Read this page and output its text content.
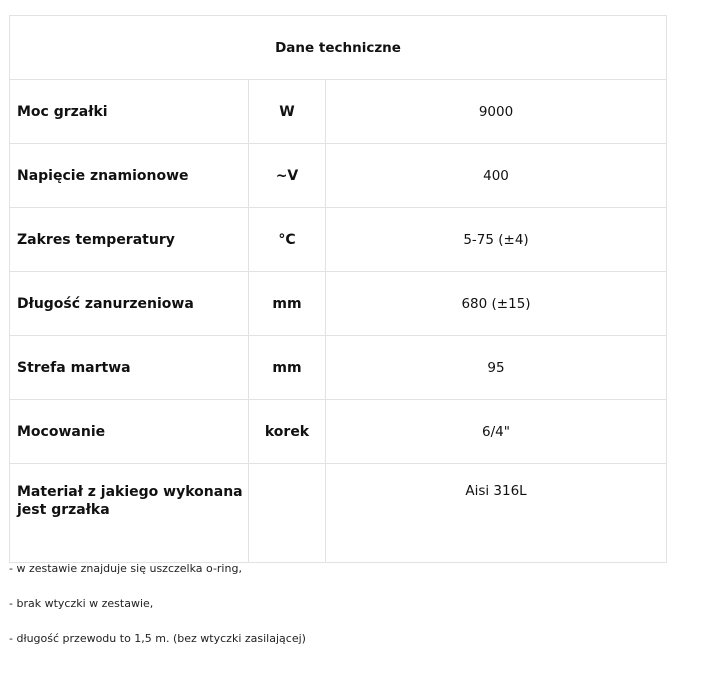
Dane techniczne		
Moc grzałki	W	9000
Napięcie znamionowe	~V	400
Zakres temperatury	°C	5-75 (±4)
Długość zanurzeniowa	mm	680 (±15)
Strefa martwa	mm	95
Mocowanie	korek	6/4"
Materiał z jakiego wykonana jest grzałka		Aisi 316L
- w zestawie znajduje się uszczelka o-ring,
- brak wtyczki w zestawie,
- długość przewodu to 1,5 m. (bez wtyczki zasilającej)
